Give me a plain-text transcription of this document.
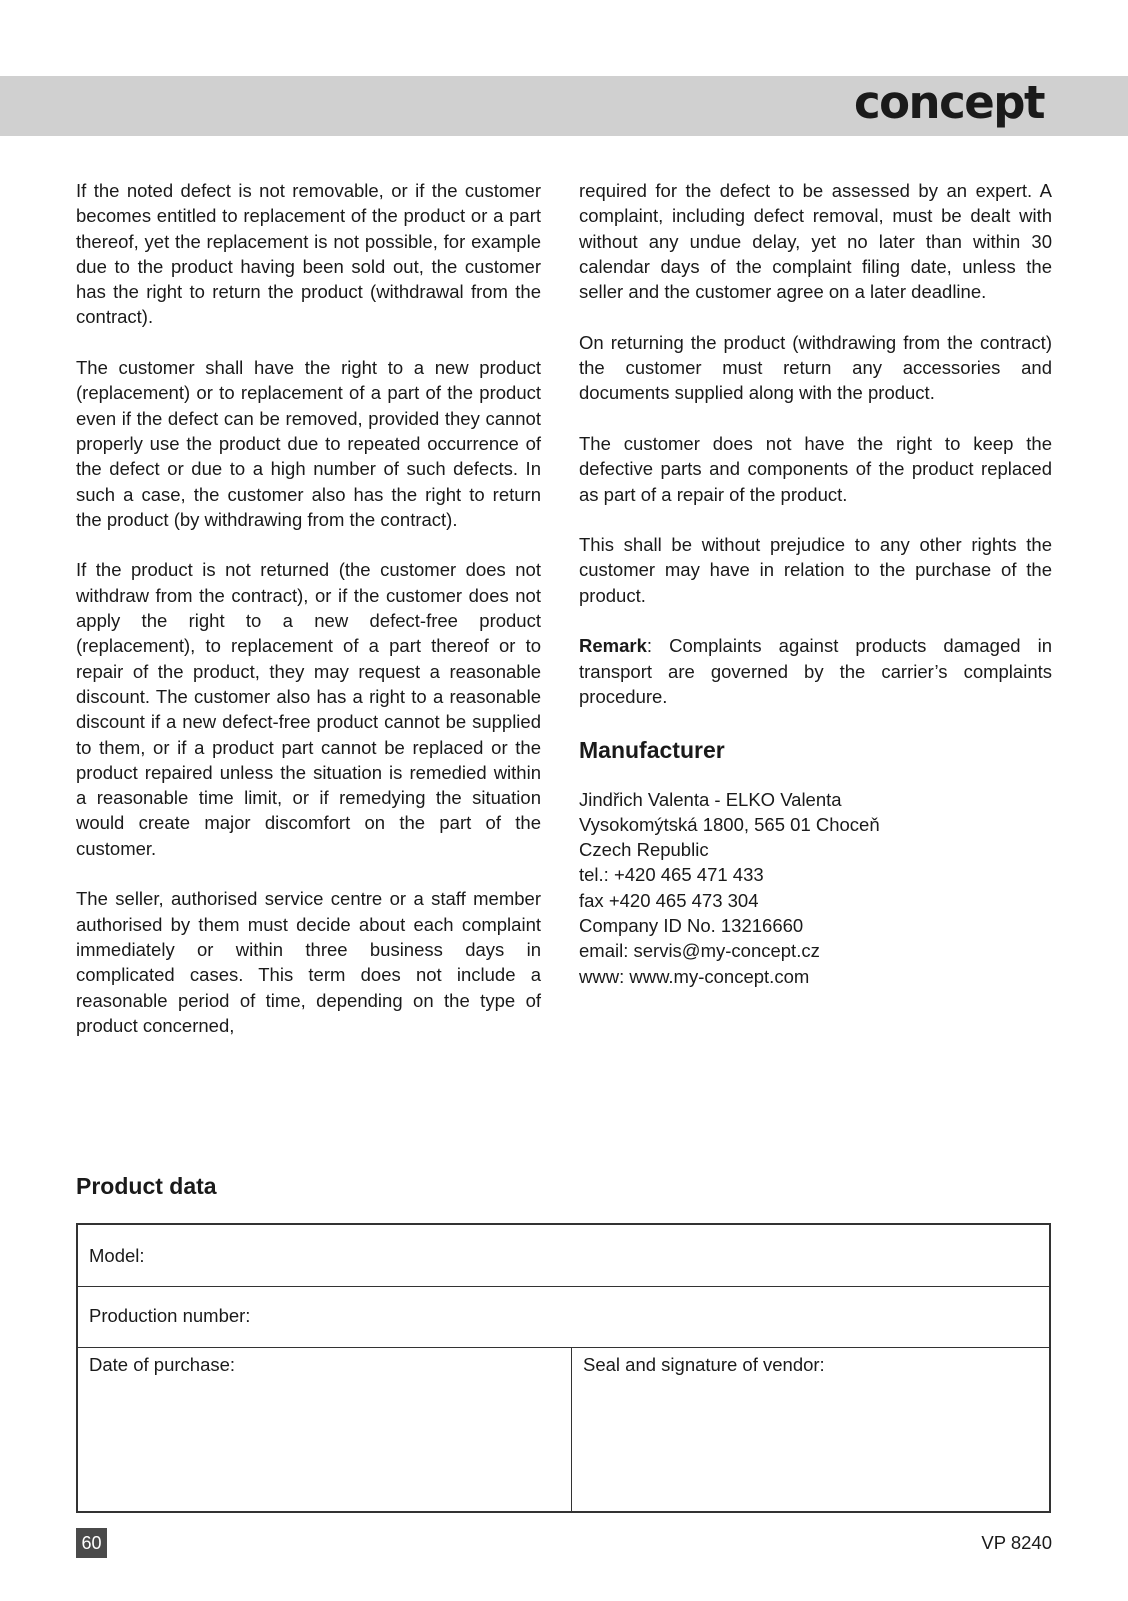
concept

If the noted defect is not removable, or if the customer becomes entitled to replacement of the product or a part thereof, yet the replacement is not possible, for example due to the product having been sold out, the customer has the right to return the product (withdrawal from the contract).

The customer shall have the right to a new product (replacement) or to replacement of a part of the product even if the defect can be removed, provided they cannot properly use the product due to repeated occurrence of the defect or due to a high number of such defects. In such a case, the customer also has the right to return the product (by withdrawing from the contract).

If the product is not returned (the customer does not withdraw from the contract), or if the customer does not apply the right to a new defect-free product (replacement), to replacement of a part thereof or to repair of the product, they may request a reasonable discount. The customer also has a right to a reasonable discount if a new defect-free product cannot be supplied to them, or if a product part cannot be replaced or the product repaired unless the situation is remedied within a reasonable time limit, or if remedying the situation would create major discomfort on the part of the customer.

The seller, authorised service centre or a staff member authorised by them must decide about each complaint immediately or within three business days in complicated cases. This term does not include a reasonable period of time, depending on the type of product concerned,

required for the defect to be assessed by an expert. A complaint, including defect removal, must be dealt with without any undue delay, yet no later than within 30 calendar days of the complaint filing date, unless the seller and the customer agree on a later deadline.

On returning the product (withdrawing from the contract) the customer must return any accessories and documents supplied along with the product.

The customer does not have the right to keep the defective parts and components of the product replaced as part of a repair of the product.

This shall be without prejudice to any other rights the customer may have in relation to the purchase of the product.

Remark: Complaints against products damaged in transport are governed by the carrier’s complaints procedure.

Manufacturer

Jindřich Valenta - ELKO Valenta

Vysokomýtská 1800, 565 01 Choceň

Czech Republic

tel.: +420 465 471 433

fax +420 465 473 304

Company ID No. 13216660

email: servis@my-concept.cz

www: www.my-concept.com

Product data
Model:
Production number:
Date of purchase:	Seal and signature of vendor:
60	VP 8240
